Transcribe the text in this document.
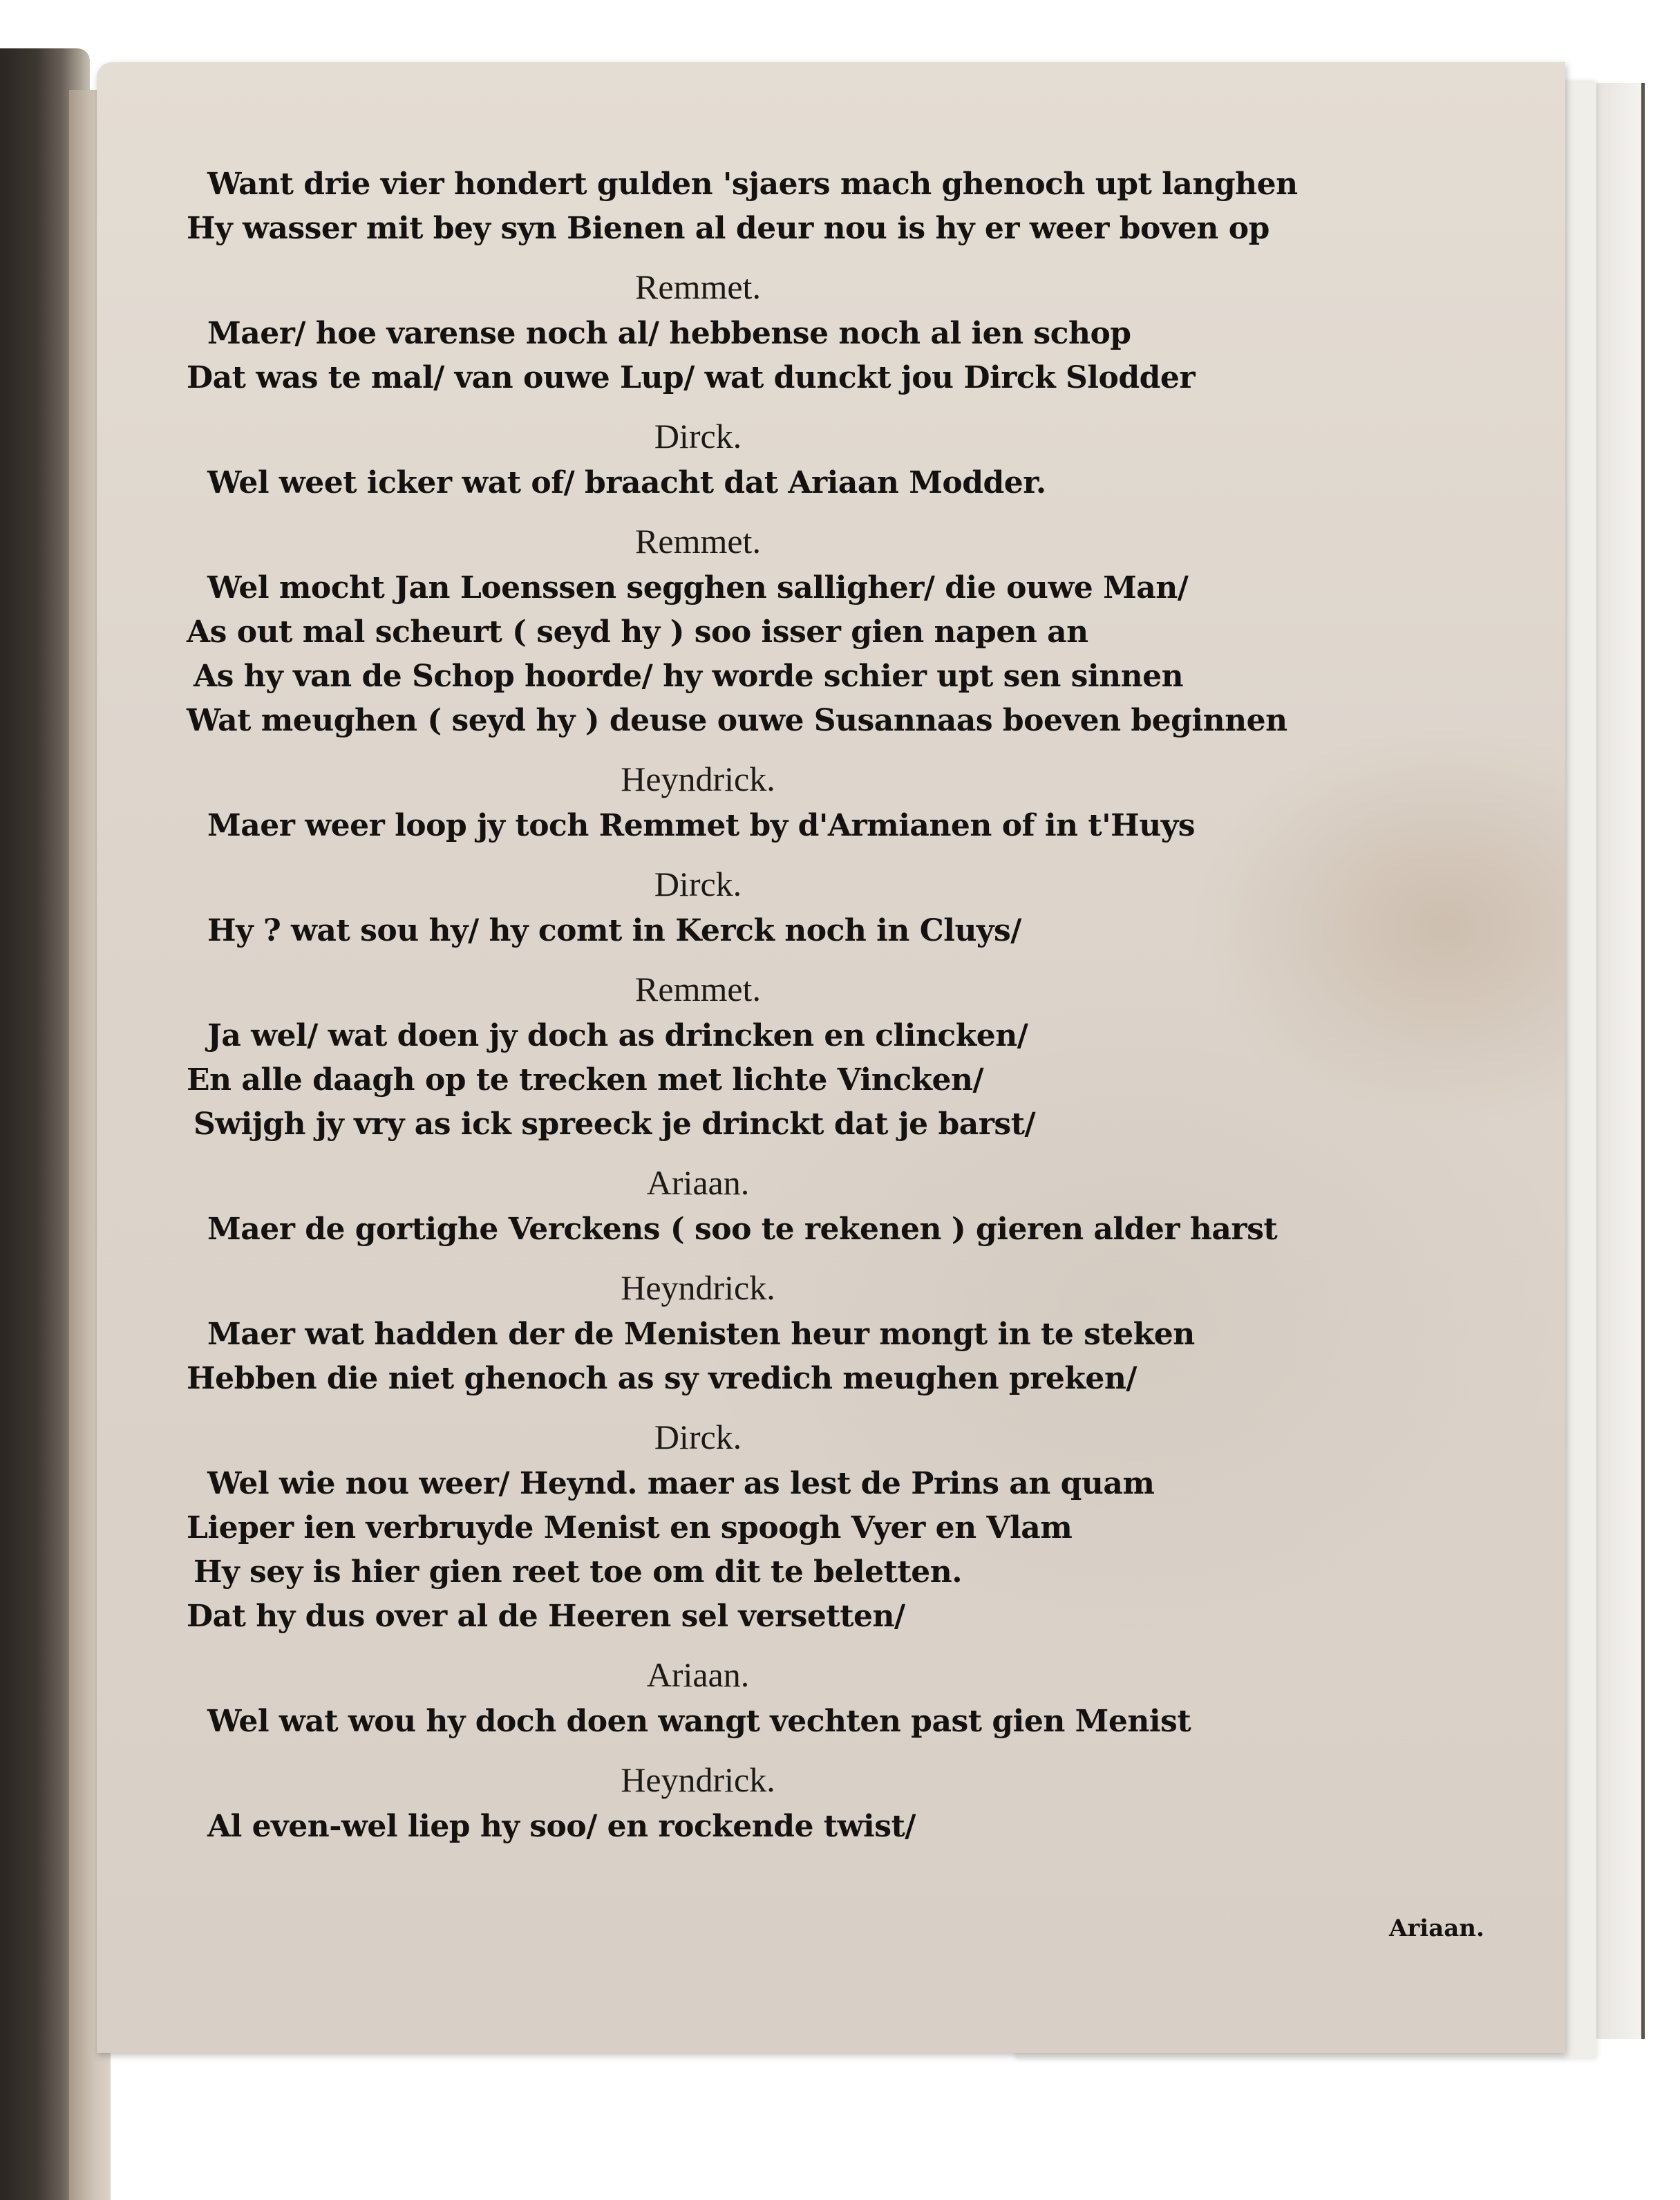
Want drie vier hondert gulden 'sjaers mach ghenoch upt langhen
Hy wasser mit bey syn Bienen al deur nou is hy er weer boven op
Remmet.
Maer/ hoe varense noch al/ hebbense noch al ien schop
Dat was te mal/ van ouwe Lup/ wat dunckt jou Dirck Slodder
Dirck.
Wel weet icker wat of/ braacht dat Ariaan Modder.
Remmet.
Wel mocht Jan Loenssen segghen salligher/ die ouwe Man/
As out mal scheurt ( seyd hy ) soo isser gien napen an
As hy van de Schop hoorde/ hy worde schier upt sen sinnen
Wat meughen ( seyd hy ) deuse ouwe Susannaas boeven beginnen
Heyndrick.
Maer weer loop jy toch Remmet by d'Armianen of in t'Huys
Dirck.
Hy ? wat sou hy/ hy comt in Kerck noch in Cluys/
Remmet.
Ja wel/ wat doen jy doch as drincken en clincken/
En alle daagh op te trecken met lichte Vincken/
Swijgh jy vry as ick spreeck je drinckt dat je barst/
Ariaan.
Maer de gortighe Verckens ( soo te rekenen ) gieren alder harst
Heyndrick.
Maer wat hadden der de Menisten heur mongt in te steken
Hebben die niet ghenoch as sy vredich meughen preken/
Dirck.
Wel wie nou weer/ Heynd. maer as lest de Prins an quam
Lieper ien verbruyde Menist en spoogh Vyer en Vlam
Hy sey is hier gien reet toe om dit te beletten.
Dat hy dus over al de Heeren sel versetten/
Ariaan.
Wel wat wou hy doch doen wangt vechten past gien Menist
Heyndrick.
Al even-wel liep hy soo/ en rockende twist/
Ariaan.
